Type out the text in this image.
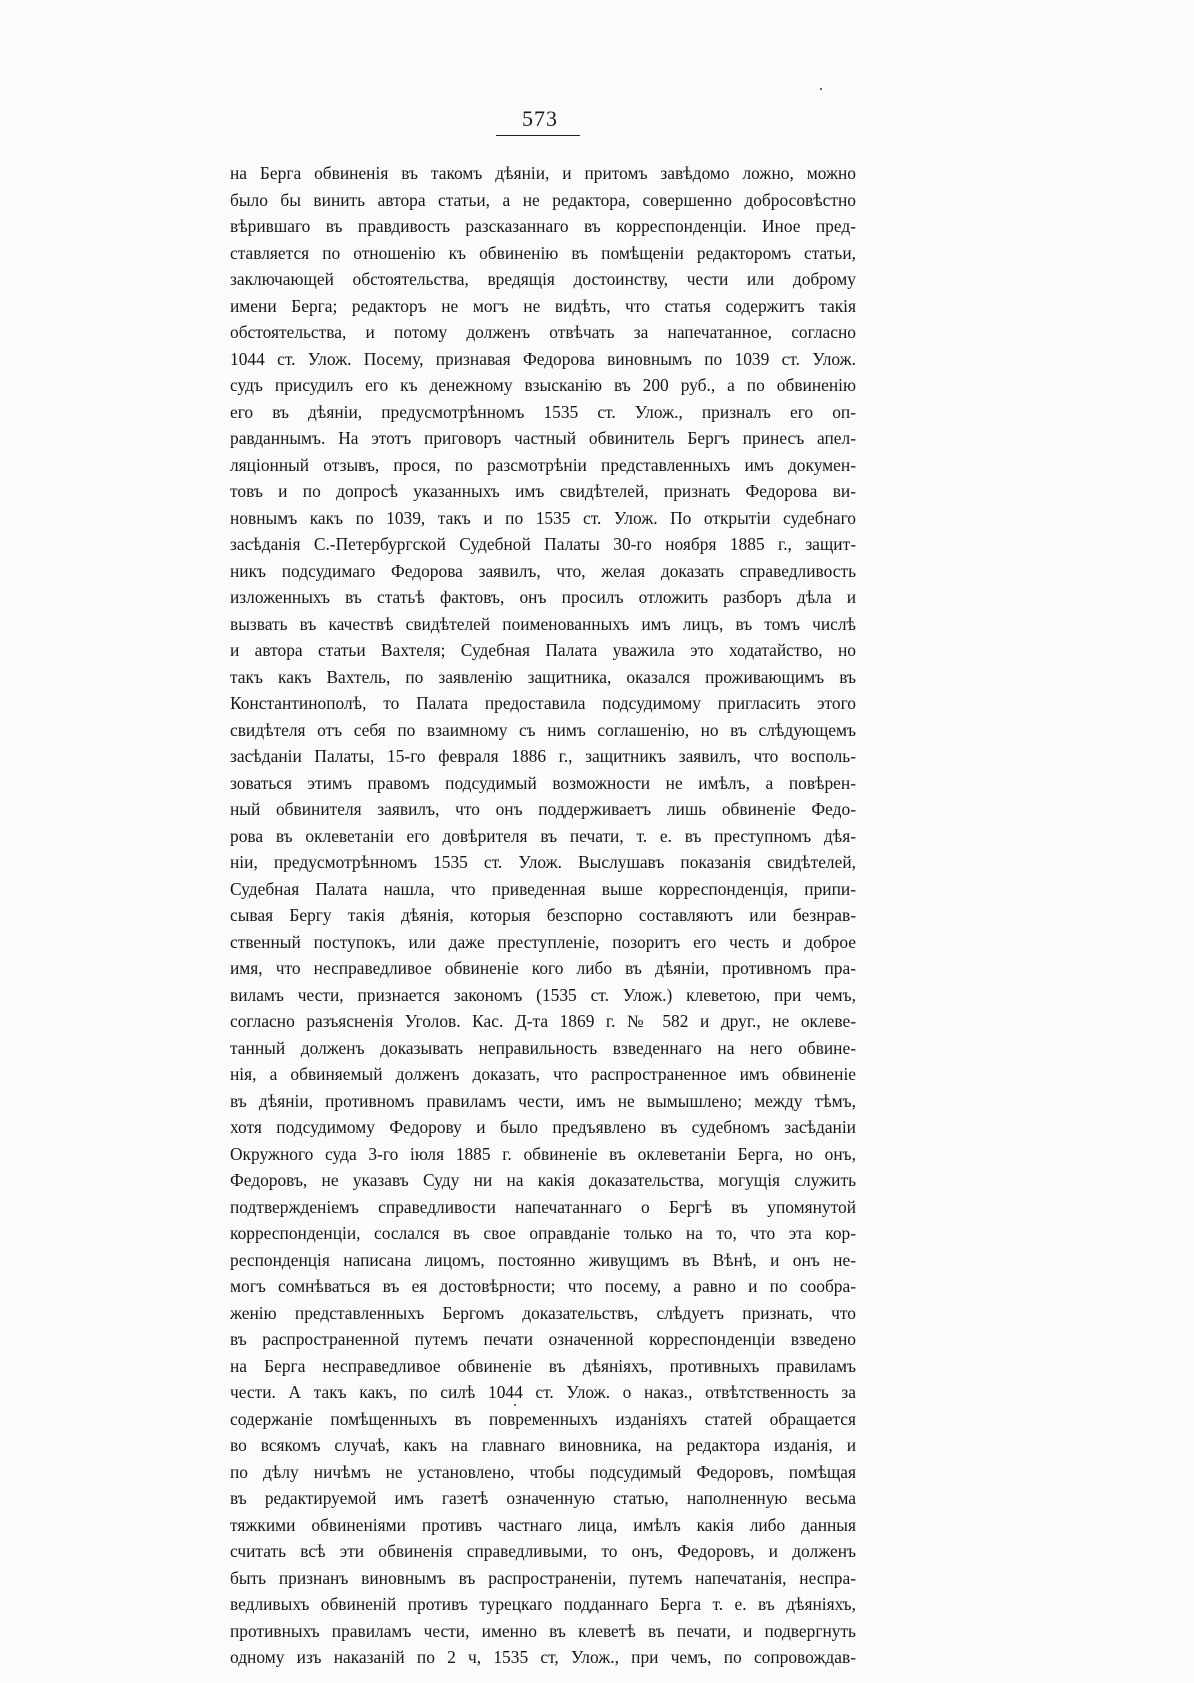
573
на Берга обвиненія въ такомъ дѣяніи, и притомъ завѣдомо ложно, можно
было бы винить автора статьи, а не редактора, совершенно добросовѣстно
вѣрившаго въ правдивость разсказаннаго въ корреспонденціи. Иное пред-
ставляется по отношенію къ обвиненію въ помѣщеніи редакторомъ статьи,
заключающей обстоятельства, вредящія достоинству, чести или доброму
имени Берга; редакторъ не могъ не видѣть, что статья содержитъ такія
обстоятельства, и потому долженъ отвѣчать за напечатанное, согласно
1044 ст. Улож. Посему, признавая Федорова виновнымъ по 1039 ст. Улож.
судъ присудилъ его къ денежному взысканію въ 200 руб., а по обвиненію
его въ дѣяніи, предусмотрѣнномъ 1535 ст. Улож., призналъ его оп-
равданнымъ. На этотъ приговоръ частный обвинитель Бергъ принесъ апел-
ляціонный отзывъ, прося, по разсмотрѣніи представленныхъ имъ докумен-
товъ и по допросѣ указанныхъ имъ свидѣтелей, признать Федорова ви-
новнымъ какъ по 1039, такъ и по 1535 ст. Улож. По открытіи судебнаго
засѣданія С.-Петербургской Судебной Палаты 30-го ноября 1885 г., защит-
никъ подсудимаго Федорова заявилъ, что, желая доказать справедливость
изложенныхъ въ статьѣ фактовъ, онъ просилъ отложить разборъ дѣла и
вызвать въ качествѣ свидѣтелей поименованныхъ имъ лицъ, въ томъ числѣ
и автора статьи Вахтеля; Судебная Палата уважила это ходатайство, но
такъ какъ Вахтель, по заявленію защитника, оказался проживающимъ въ
Константинополѣ, то Палата предоставила подсудимому пригласить этого
свидѣтеля отъ себя по взаимному съ нимъ соглашенію, но въ слѣдующемъ
засѣданіи Палаты, 15-го февраля 1886 г., защитникъ заявилъ, что восполь-
зоваться этимъ правомъ подсудимый возможности не имѣлъ, а повѣрен-
ный обвинителя заявилъ, что онъ поддерживаетъ лишь обвиненіе Федо-
рова въ оклеветаніи его довѣрителя въ печати, т. е. въ преступномъ дѣя-
ніи, предусмотрѣнномъ 1535 ст. Улож. Выслушавъ показанія свидѣтелей,
Судебная Палата нашла, что приведенная выше корреспонденція, припи-
сывая Бергу такія дѣянія, которыя безспорно составляютъ или безнрав-
ственный поступокъ, или даже преступленіе, позоритъ его честь и доброе
имя, что несправедливое обвиненіе кого либо въ дѣяніи, противномъ пра-
виламъ чести, признается закономъ (1535 ст. Улож.) клеветою, при чемъ,
согласно разъясненія Уголов. Кас. Д-та 1869 г. № 582 и друг., не оклеве-
танный долженъ доказывать неправильность взведеннаго на него обвине-
нія, а обвиняемый долженъ доказать, что распространенное имъ обвиненіе
въ дѣяніи, противномъ правиламъ чести, имъ не вымышлено; между тѣмъ,
хотя подсудимому Федорову и было предъявлено въ судебномъ засѣданіи
Окружного суда 3-го іюля 1885 г. обвиненіе въ оклеветаніи Берга, но онъ,
Федоровъ, не указавъ Суду ни на какія доказательства, могущія служить
подтвержденіемъ справедливости напечатаннаго о Бергѣ въ упомянутой
корреспонденціи, сослался въ свое оправданіе только на то, что эта кор-
респонденція написана лицомъ, постоянно живущимъ въ Вѣнѣ, и онъ не-
могъ сомнѣваться въ ея достовѣрности; что посему, а равно и по сообра-
женію представленныхъ Бергомъ доказательствъ, слѣдуетъ признать, что
въ распространенной путемъ печати означенной корреспонденціи взведено
на Берга несправедливое обвиненіе въ дѣяніяхъ, противныхъ правиламъ
чести. А такъ какъ, по силѣ 1044 ст. Улож. о наказ., отвѣтственность за
содержаніе помѣщенныхъ въ повременныхъ изданіяхъ статей обращается
во всякомъ случаѣ, какъ на главнаго виновника, на редактора изданія, и
по дѣлу ничѣмъ не установлено, чтобы подсудимый Федоровъ, помѣщая
въ редактируемой имъ газетѣ означенную статью, наполненную весьма
тяжкими обвиненіями противъ частнаго лица, имѣлъ какія либо данныя
считать всѣ эти обвиненія справедливыми, то онъ, Федоровъ, и долженъ
быть признанъ виновнымъ въ распространеніи, путемъ напечатанія, неспра-
ведливыхъ обвиненій противъ турецкаго подданнаго Берга т. е. въ дѣяніяхъ,
противныхъ правиламъ чести, именно въ клеветѣ въ печати, и подвергнуть
одному изъ наказаній по 2 ч, 1535 ст, Улож., при чемъ, по сопровождав-
